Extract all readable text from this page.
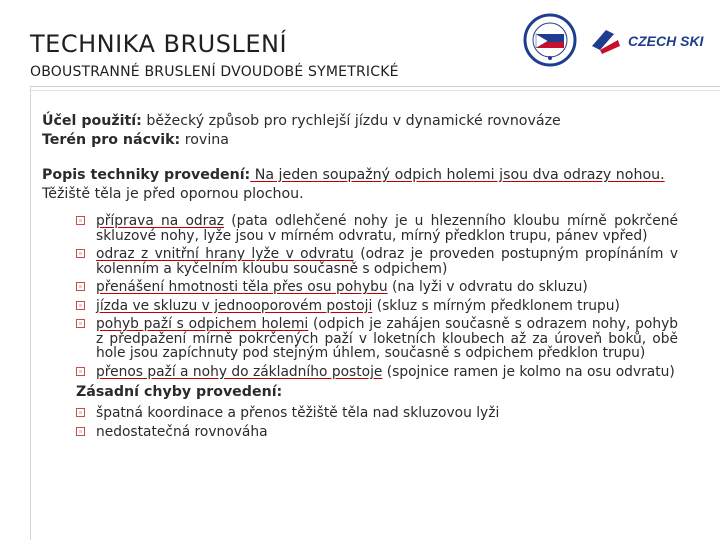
TECHNIKA BRUSLENÍ
OBOUSTRANNÉ BRUSLENÍ DVOUDOBÉ SYMETRICKÉ
CZECH SKI

Účel použití: běžecký způsob pro rychlejší jízdu v dynamické rovnováze

Terén pro nácvik: rovina

Popis techniky provedení: Na jeden soupažný odpich holemi jsou dva odrazy nohou. Těžiště těla je před opornou plochou.

příprava na odraz (pata odlehčené nohy je u hlezenního kloubu mírně pokrčené skluzové nohy, lyže jsou v mírném odvratu, mírný předklon trupu, pánev vpřed)
odraz z vnitřní hrany lyže v odvratu (odraz je proveden postupným propínáním v kolenním a kyčelním kloubu současně s odpichem)
přenášení hmotnosti těla přes osu pohybu (na lyži v odvratu do skluzu)
jízda ve skluzu v jednooporovém postoji (skluz s mírným předklonem trupu)
pohyb paží s odpichem holemi (odpich je zahájen současně s odrazem nohy, pohyb z předpažení mírně pokrčených paží v loketních kloubech až za úroveň boků, obě hole jsou zapíchnuty pod stejným úhlem, současně s odpichem předklon trupu)
přenos paží a nohy do základního postoje (spojnice ramen je kolmo na osu odvratu)
Zásadní chyby provedení:
špatná koordinace a přenos těžiště těla nad skluzovou lyži
nedostatečná rovnováha
